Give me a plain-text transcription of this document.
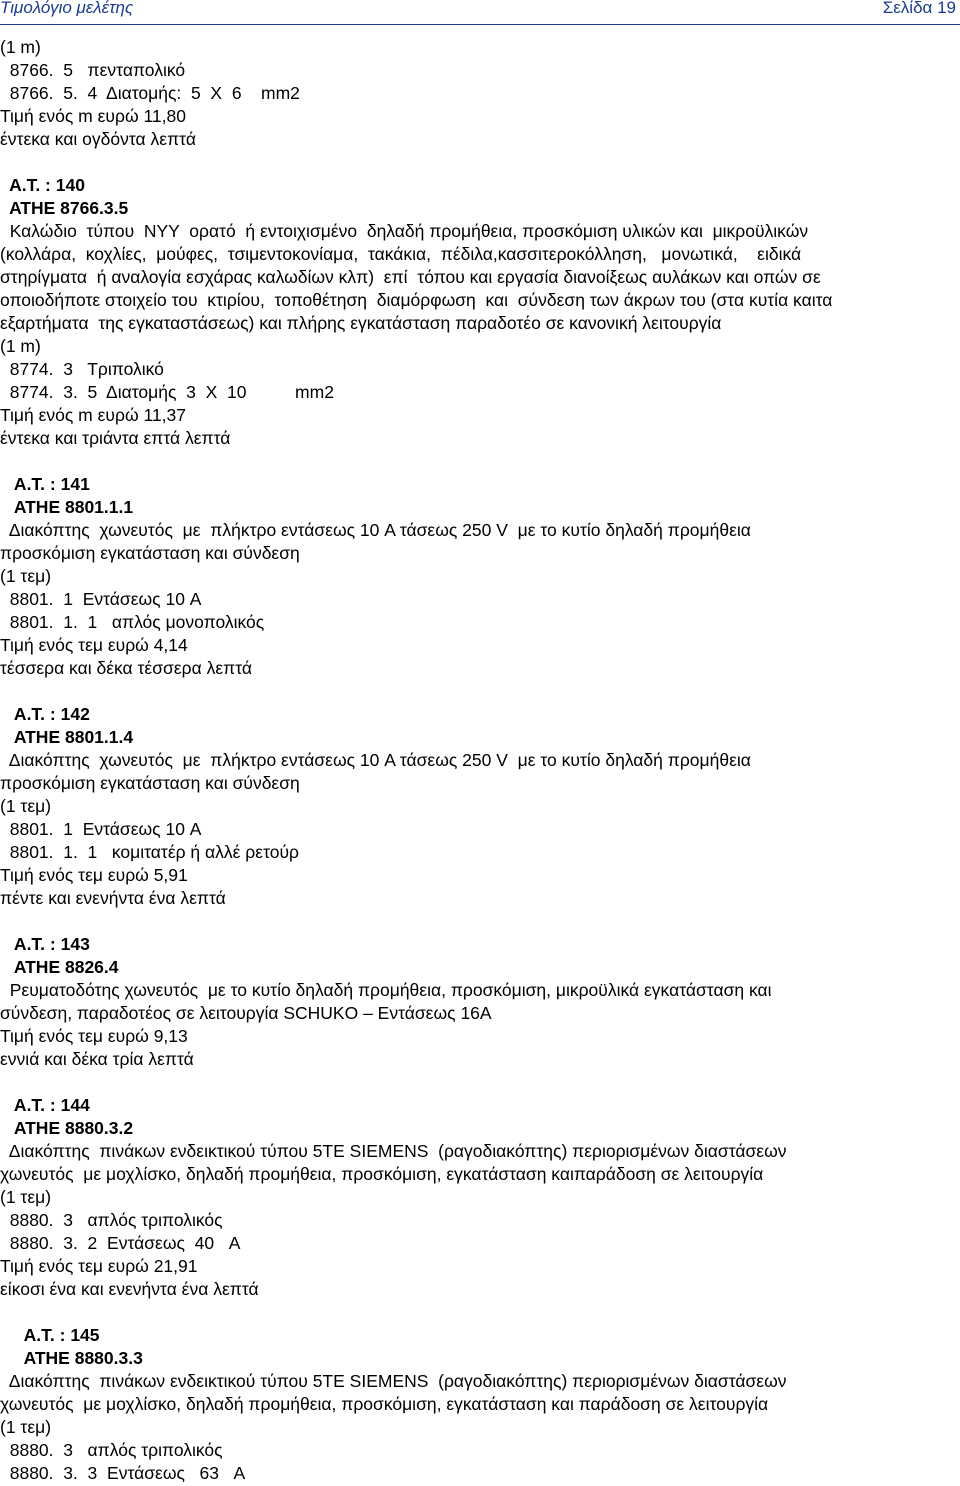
Τιμολόγιο μελέτης	Σελίδα 19
(1 m)
8766.  5   πενταπολικό
8766.  5.  4  Διατομής:  5  X  6    mm2
Τιμή ενός m ευρώ 11,80
έντεκα και ογδόντα λεπτά
A.T. : 140
ΑΤΗΕ 8766.3.5
Καλώδιο  τύπου  NYY  ορατό  ή εντοιχισμένο  δηλαδή προμήθεια, προσκόμιση υλικών και  μικροϋλικών
(κολλάρα,  κοχλίες,  μούφες,  τσιμεντοκονίαμα,  τακάκια,  πέδιλα,κασσιτεροκόλληση,   μονωτικά,    ειδικά
στηρίγματα  ή αναλογία εσχάρας καλωδίων κλπ)  επί  τόπου και εργασία διανοίξεως αυλάκων και οπών σε
οποιοδήποτε στοιχείο του  κτιρίου,  τοποθέτηση  διαμόρφωση  και  σύνδεση των άκρων του (στα κυτία καιτα
εξαρτήματα  της εγκαταστάσεως) και πλήρης εγκατάσταση παραδοτέο σε κανονική λειτουργία
(1 m)
8774.  3   Τριπολικό
8774.  3.  5  Διατομής  3  X  10          mm2
Τιμή ενός m ευρώ 11,37
έντεκα και τριάντα επτά λεπτά
A.T. : 141
ΑΤΗΕ 8801.1.1
Διακόπτης  χωνευτός  με  πλήκτρο εντάσεως 10 A τάσεως 250 V  με το κυτίο δηλαδή προμήθεια
προσκόμιση εγκατάσταση και σύνδεση
(1 τεμ)
8801.  1  Εντάσεως 10 A
8801.  1.  1   απλός μονοπολικός
Τιμή ενός τεμ ευρώ 4,14
τέσσερα και δέκα τέσσερα λεπτά
A.T. : 142
ΑΤΗΕ 8801.1.4
Διακόπτης  χωνευτός  με  πλήκτρο εντάσεως 10 A τάσεως 250 V  με το κυτίο δηλαδή προμήθεια
προσκόμιση εγκατάσταση και σύνδεση
(1 τεμ)
8801.  1  Εντάσεως 10 A
8801.  1.  1   κομιτατέρ ή αλλέ ρετούρ
Τιμή ενός τεμ ευρώ 5,91
πέντε και ενενήντα ένα λεπτά
A.T. : 143
ΑΤΗΕ 8826.4
Ρευματοδότης χωνευτός  με το κυτίο δηλαδή προμήθεια, προσκόμιση, μικροϋλικά εγκατάσταση και
σύνδεση, παραδοτέος σε λειτουργία SCHUKO – Εντάσεως 16A
Τιμή ενός τεμ ευρώ 9,13
εννιά και δέκα τρία λεπτά
A.T. : 144
ΑΤΗΕ 8880.3.2
Διακόπτης  πινάκων ενδεικτικού τύπου 5TE SIEMENS  (ραγοδιακόπτης) περιορισμένων διαστάσεων
χωνευτός  με μοχλίσκο, δηλαδή προμήθεια, προσκόμιση, εγκατάσταση καιπαράδοση σε λειτουργία
(1 τεμ)
8880.  3   απλός τριπολικός
8880.  3.  2  Εντάσεως  40   A
Τιμή ενός τεμ ευρώ 21,91
είκοσι ένα και ενενήντα ένα λεπτά
A.T. : 145
ΑΤΗΕ 8880.3.3
Διακόπτης  πινάκων ενδεικτικού τύπου 5TE SIEMENS  (ραγοδιακόπτης) περιορισμένων διαστάσεων
χωνευτός  με μοχλίσκο, δηλαδή προμήθεια, προσκόμιση, εγκατάσταση και παράδοση σε λειτουργία
(1 τεμ)
8880.  3   απλός τριπολικός
8880.  3.  3  Εντάσεως   63   A
